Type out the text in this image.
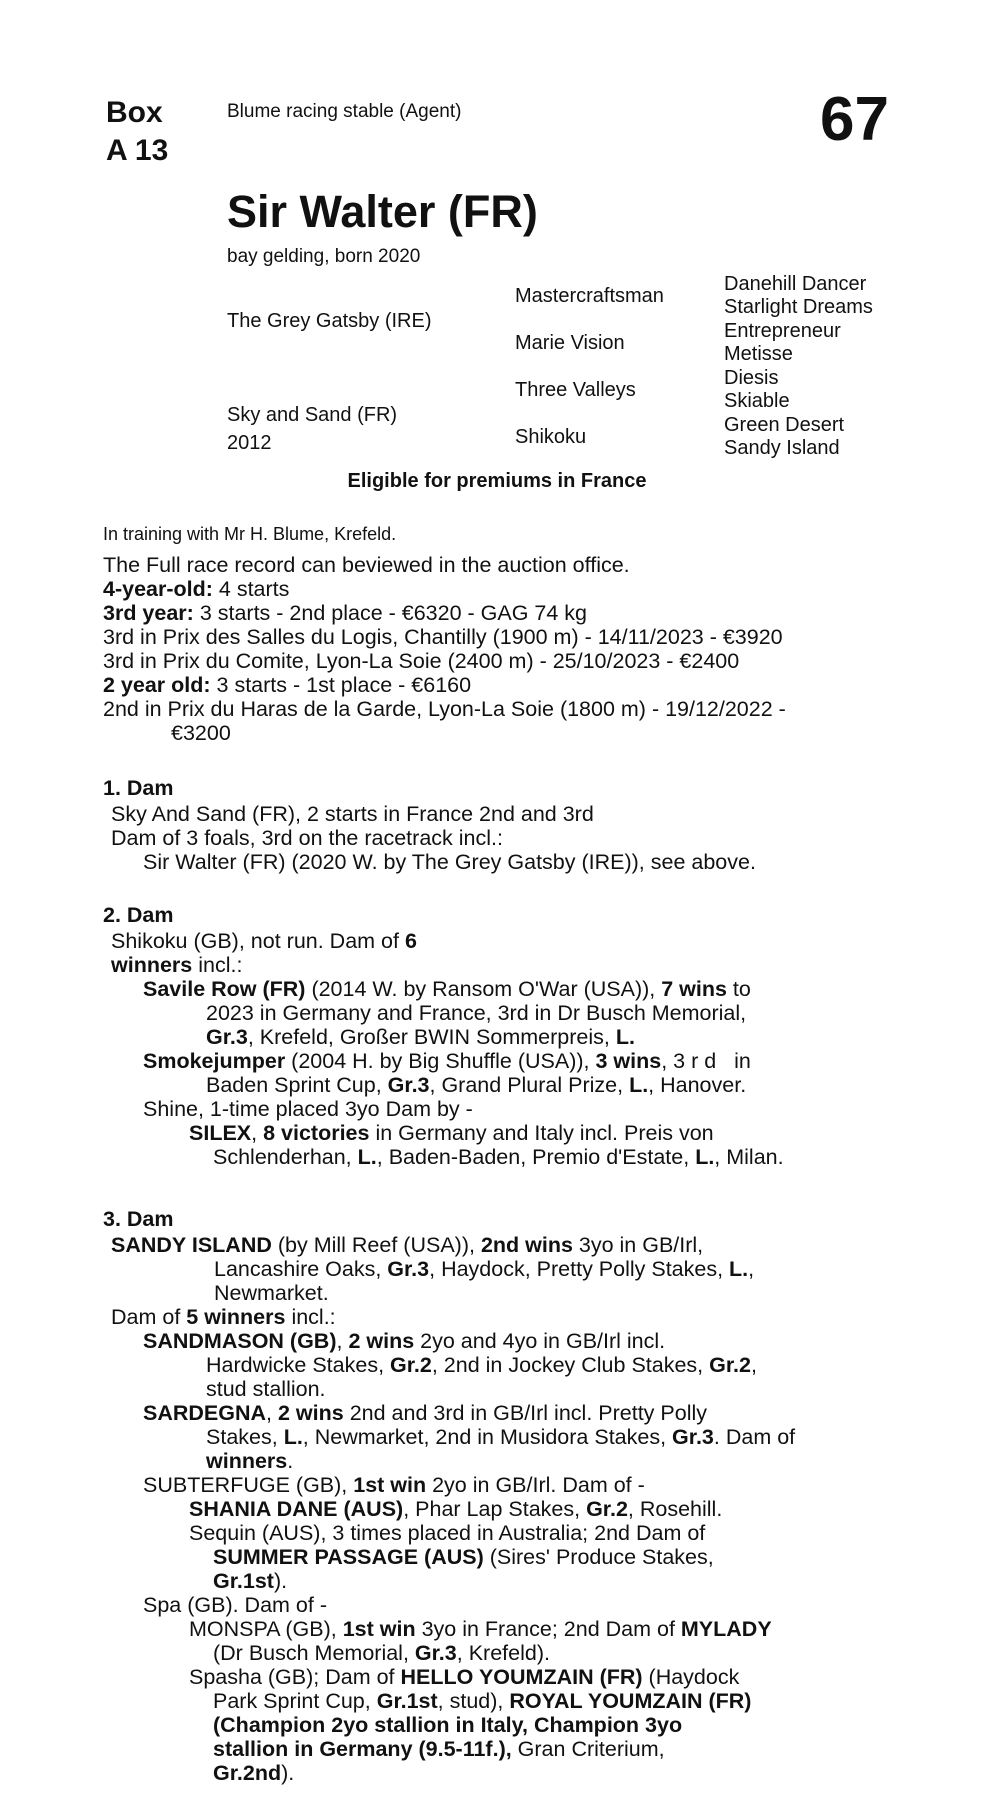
Box
A 13
Blume racing stable (Agent)	67
Sir Walter (FR)
bay gelding, born 2020
The Grey Gatsby (IRE)
Sky and Sand (FR)
2012
Mastercraftsman
Marie Vision
Three Valleys
Shikoku
Danehill Dancer
Starlight Dreams
Entrepreneur
Metisse
Diesis
Skiable
Green Desert
Sandy Island
Eligible for premiums in France
In training with Mr H. Blume, Krefeld.
The Full race record can beviewed in the auction office.
4-year-old: 4 starts
3rd year: 3 starts - 2nd place - €6320 - GAG 74 kg
3rd in Prix des Salles du Logis, Chantilly (1900 m) - 14/11/2023 - €3920
3rd in Prix du Comite, Lyon-La Soie (2400 m) - 25/10/2023 - €2400
2 year old: 3 starts - 1st place - €6160
2nd in Prix du Haras de la Garde, Lyon-La Soie (1800 m) - 19/12/2022 -
€3200
1. Dam
Sky And Sand (FR), 2 starts in France 2nd and 3rd
Dam of 3 foals, 3rd on the racetrack incl.:
Sir Walter (FR) (2020 W. by The Grey Gatsby (IRE)), see above.
2. Dam
Shikoku (GB), not run. Dam of 6
winners incl.:
Savile Row (FR) (2014 W. by Ransom O'War (USA)), 7 wins to
2023 in Germany and France, 3rd in Dr Busch Memorial,
Gr.3, Krefeld, Großer BWIN Sommerpreis, L.
Smokejumper (2004 H. by Big Shuffle (USA)), 3 wins, 3 r d   in
Baden Sprint Cup, Gr.3, Grand Plural Prize, L., Hanover.
Shine, 1-time placed 3yo Dam by -
SILEX, 8 victories in Germany and Italy incl. Preis von
Schlenderhan, L., Baden-Baden, Premio d'Estate, L., Milan.
3. Dam
SANDY ISLAND (by Mill Reef (USA)), 2nd wins 3yo in GB/Irl,
Lancashire Oaks, Gr.3, Haydock, Pretty Polly Stakes, L.,
Newmarket.
Dam of 5 winners incl.:
SANDMASON (GB), 2 wins 2yo and 4yo in GB/Irl incl.
Hardwicke Stakes, Gr.2, 2nd in Jockey Club Stakes, Gr.2,
stud stallion.
SARDEGNA, 2 wins 2nd and 3rd in GB/Irl incl. Pretty Polly
Stakes, L., Newmarket, 2nd in Musidora Stakes, Gr.3. Dam of
winners.
SUBTERFUGE (GB), 1st win 2yo in GB/Irl. Dam of -
SHANIA DANE (AUS), Phar Lap Stakes, Gr.2, Rosehill.
Sequin (AUS), 3 times placed in Australia; 2nd Dam of
SUMMER PASSAGE (AUS) (Sires' Produce Stakes,
Gr.1st).
Spa (GB). Dam of -
MONSPA (GB), 1st win 3yo in France; 2nd Dam of MYLADY
(Dr Busch Memorial, Gr.3, Krefeld).
Spasha (GB); Dam of HELLO YOUMZAIN (FR) (Haydock
Park Sprint Cup, Gr.1st, stud), ROYAL YOUMZAIN (FR)
(Champion 2yo stallion in Italy, Champion 3yo
stallion in Germany (9.5-11f.), Gran Criterium,
Gr.2nd).
